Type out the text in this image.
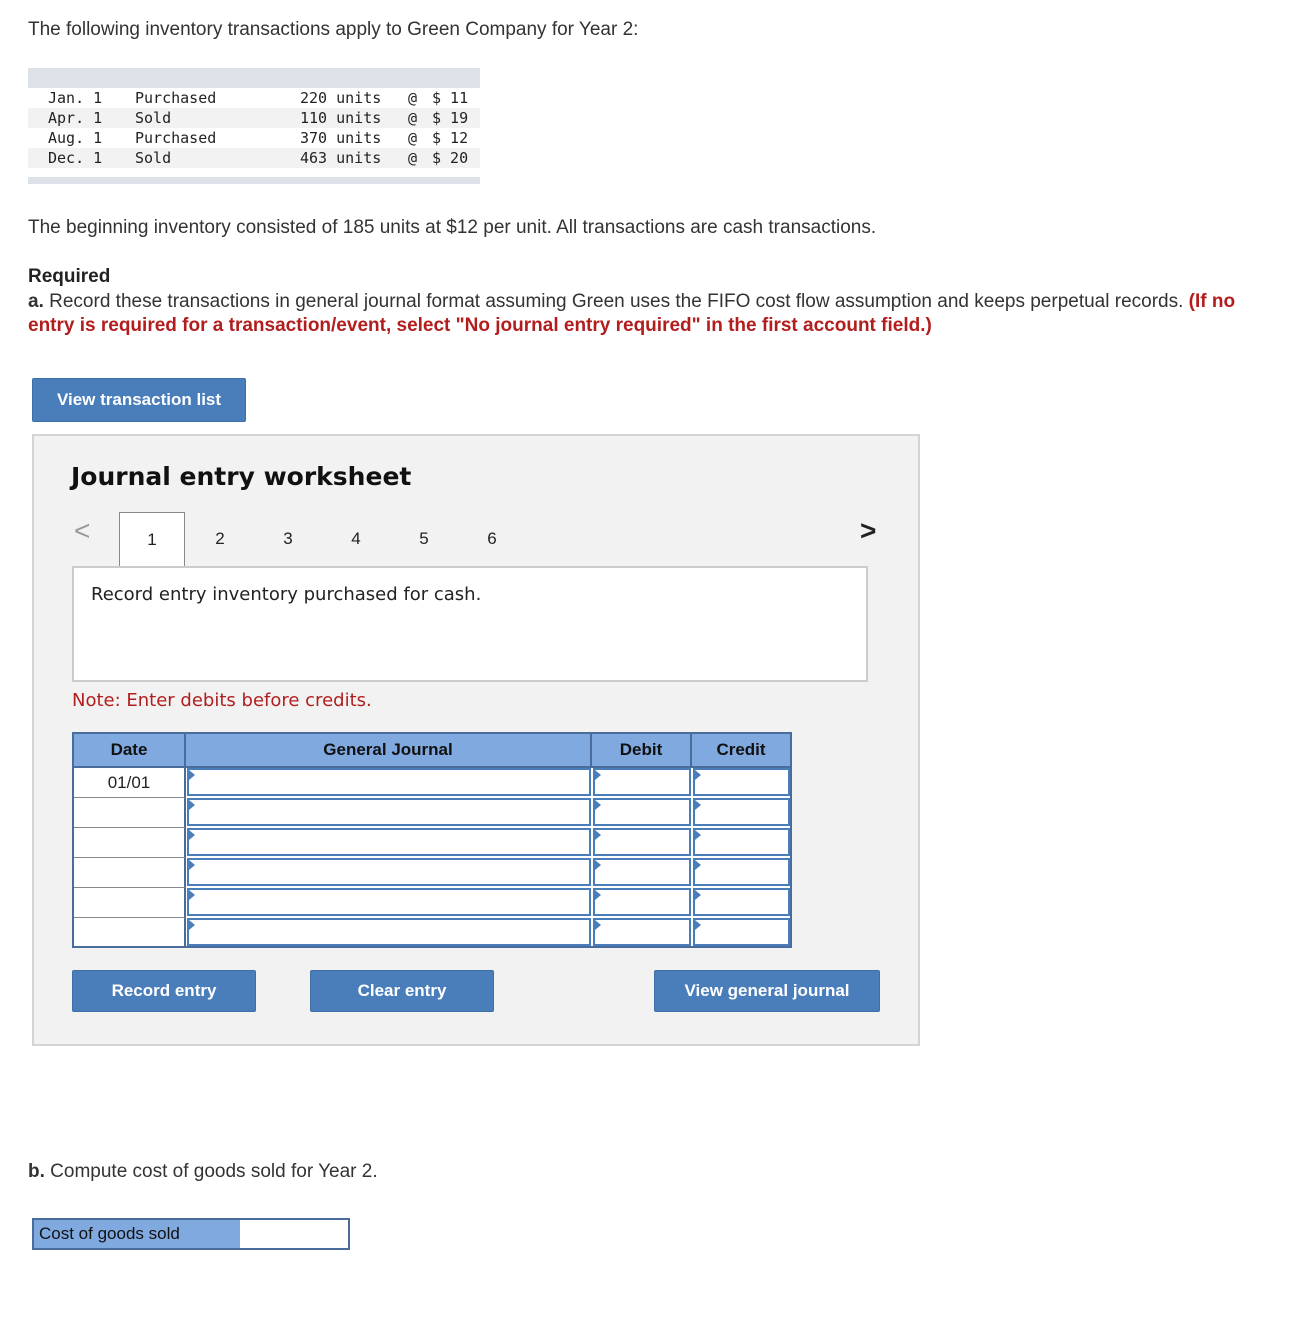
The following inventory transactions apply to Green Company for Year 2:
Jan. 1 Purchased	220 units @ $ 11
Apr. 1 Sold	110 units @ $ 19
Aug. 1 Purchased	370 units @ $ 12
Dec. 1 Sold	463 units @ $ 20
The beginning inventory consisted of 185 units at $12 per unit. All transactions are cash transactions.
Required
a. Record these transactions in general journal format assuming Green uses the FIFO cost flow assumption and keeps perpetual records. (If no entry is required for a transaction/event, select "No journal entry required" in the first account field.)
View transaction list
Journal entry worksheet
<	>
1	2	3	4	5	6
Record entry inventory purchased for cash.
Note: Enter debits before credits.
Date	General Journal	Debit	Credit
01/01
Record entry	Clear entry	View general journal
b. Compute cost of goods sold for Year 2.
Cost of goods sold
